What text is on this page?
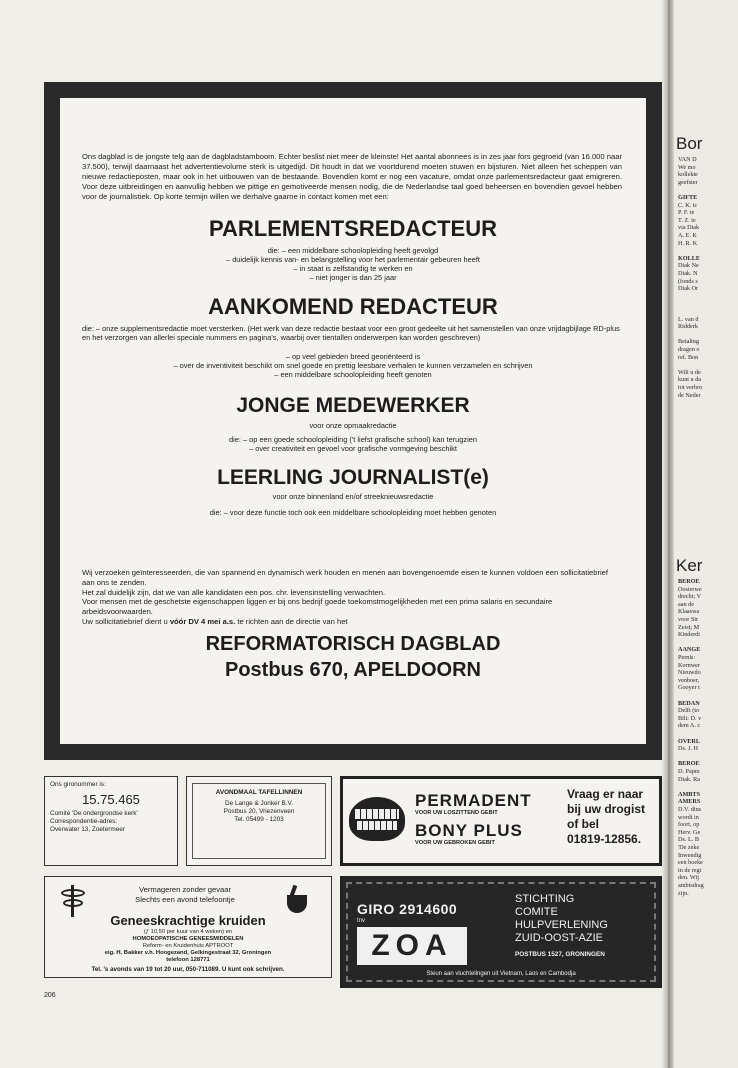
Ons dagblad is de jongste telg aan de dagbladstamboom. Echter beslist niet meer de kleinste! Het aantal abonnees is in zes jaar fors gegroeid (van 16.000 naar 37.500), terwijl daarnaast het advertentievolume sterk is uitgedijd. Dit houdt in dat we voortdurend moeten stuwen en bijsturen. Niet alleen het scheppen van nieuwe redactieposten, maar ook in het uitbouwen van de bestaande. Bovendien komt er nog een vacature, omdat onze parlementsredacteur gaat emigreren. Voor deze uitbreidingen en aanvullig hebben we pittige en gemotiveerde mensen nodig, die de Nederlandse taal goed beheersen en bovendien gevoel hebben voor de journalistiek. Op korte termijn willen we derhalve gaarne in contact komen met een:

PARLEMENTSREDACTEUR
die: – een middelbare schoolopleiding heeft gevolgd
– duidelijk kennis van- en belangstelling voor het parlementair gebeuren heeft
– in staat is zelfstandig te werken en
– niet jonger is dan 25 jaar
AANKOMEND REDACTEUR
die: – onze supplementsredactie moet versterken. (Het werk van deze redactie bestaat voor een groot gedeelte uit het samenstellen van onze vrijdagbijlage RD-plus en het verzorgen van allerlei speciale nummers en pagina's, waarbij over tientallen onderwerpen kan worden geschreven)
– op veel gebieden breed georiënteerd is
– over de inventiviteit beschikt om snel goede en prettig leesbare verhalen te kunnen verzamelen en schrijven
– een middelbare schoolopleiding heeft genoten
JONGE MEDEWERKER
voor onze opmaakredactie
die: – op een goede schoolopleiding ('t liefst grafische school) kan terugzien
– over creativiteit en gevoel voor grafische vormgeving beschikt
LEERLING JOURNALIST(e)
voor onze binnenland en/of streeknieuwsredactie
die: – voor deze functie toch ook een middelbare schoolopleiding moet hebben genoten

Wij verzoeken geïnteresseerden, die van spannend en dynamisch werk houden en menen aan bovengenoemde eisen te kunnen voldoen een sollicitatiebrief aan ons te zenden.

Het zal duidelijk zijn, dat we van alle kandidaten een pos. chr. levensinstelling verwachten.

Voor mensen met de geschetste eigenschappen liggen er bij ons bedrijf goede toekomstmogelijkheden met een prima salaris en secundaire arbeidsvoorwaarden.

Uw sollicitatiebrief dient u vóór DV 4 mei a.s. te richten aan de directie van het

REFORMATORISCH DAGBLAD
Postbus 670, APELDOORN
Ons gironummer is:
15.75.465
Comité 'De ondergrondse kerk'
Correspondentie-adres:
Overwater 13, Zoetermeer
AVONDMAAL TAFELLINNEN
De Lange & Jonker B.V.
Postbus 20, Vriezenveen
Tel. 05499 - 1203
PERMADENT
VOOR UW LOSZITTEND GEBIT
BONY PLUS
VOOR UW GEBROKEN GEBIT
Vraag er naar
bij uw drogist
of bel
01819-12856.
Vermageren zonder gevaar
Slechts een avond telefoontje
Geneeskrachtige kruiden
(ƒ 10,50 per kuur van 4 weken) en
HOMOEOPATISCHE GENEESMIDDELEN
Reform- en Kruidenhuis APTROOT
eig. H. Bakker v.h. Hoogezand, Gelkingestraat 32, Groningen
telefoon 128771
Tel. 's avonds van 19 tot 20 uur, 050-711089. U kunt ook schrijven.
GIRO 2914600
tnv
ZOA
STICHTING
COMITE
HULPVERLENING
ZUID-OOST-AZIE
POSTBUS 1527, GRONINGEN
Steun aan vluchtelingen uit Vietnam, Laos en Cambodja
206
Bor
VAN D
We mo
kollekte
geefster
GIFTE
C. K. tc
P. F. te
T. Z. te
via Diak
A. E. K
H. R. K
KOLLE
Diak Ne
Diak. N
(fonds s
Diak Or
L. van d
Ridderk
Betaling
dragen o
ref. Bon
Wilt u de
kunt u da
tot verbro
de Neder
Ker
BEROE
Oosterwe
drecht; V
aan de
Klaaswa
voor Str
Zeist; M
Kinderdi
AANGE
Pernis:
Kornwer
Nieuwdo
venboer,
Gooyer t
BEDAN
Delft (to
Bilt: D. v
dem A. c
OVERL
Ds. J. H
BEROE
D. Papm
Diak. Ra
AMBTS
AMERS
D.V. dins
wordt in
foort, op
Herv. Ge
Ds. L. B
'De zeke
Inwendig
een boeke
in de regi
den. Wij
ambtsdrag
zijn.
